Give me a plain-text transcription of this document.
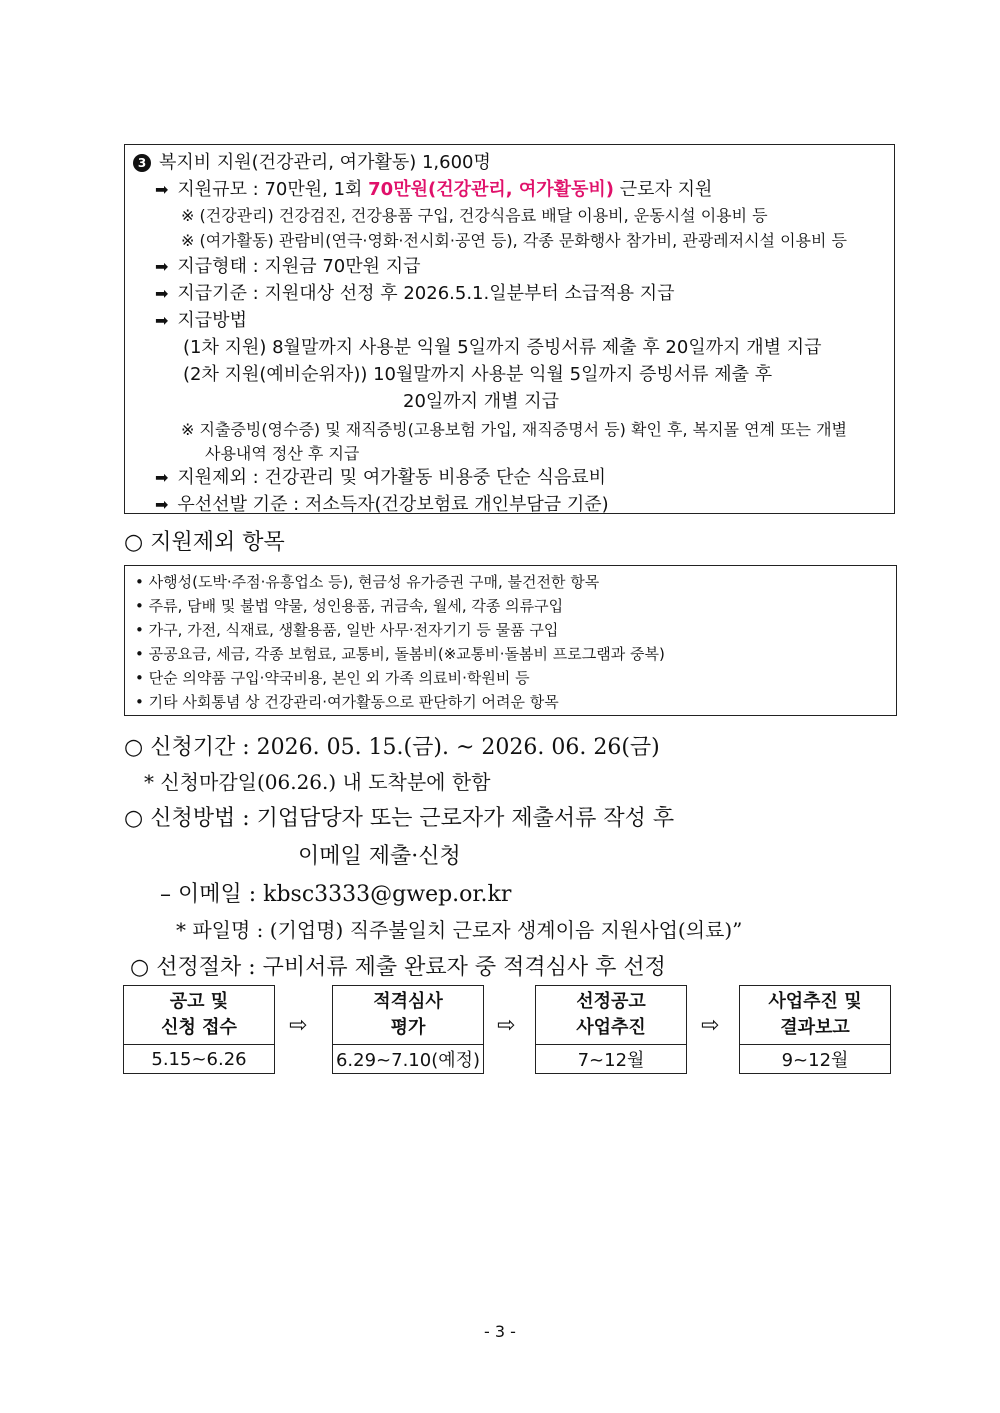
3 복지비 지원(건강관리, 여가활동) 1,600명
➡ 지원규모 : 70만원, 1회 70만원(건강관리, 여가활동비) 근로자 지원
※ (건강관리) 건강검진, 건강용품 구입, 건강식음료 배달 이용비, 운동시설 이용비 등
※ (여가활동) 관람비(연극·영화·전시회·공연 등), 각종 문화행사 참가비, 관광레저시설 이용비 등
➡ 지급형태 : 지원금 70만원 지급
➡ 지급기준 : 지원대상 선정 후 2026.5.1.일분부터 소급적용 지급
➡ 지급방법
(1차 지원) 8월말까지 사용분 익월 5일까지 증빙서류 제출 후 20일까지 개별 지급
(2차 지원(예비순위자)) 10월말까지 사용분 익월 5일까지 증빙서류 제출 후
20일까지 개별 지급
※ 지출증빙(영수증) 및 재직증빙(고용보험 가입, 재직증명서 등) 확인 후, 복지몰 연계 또는 개별
사용내역 정산 후 지급
➡ 지원제외 : 건강관리 및 여가활동 비용중 단순 식음료비
➡ 우선선발 기준 : 저소득자(건강보험료 개인부담금 기준)
○ 지원제외 항목
• 사행성(도박·주점·유흥업소 등), 현금성 유가증권 구매, 불건전한 항목
• 주류, 담배 및 불법 약물, 성인용품, 귀금속, 월세, 각종 의류구입
• 가구, 가전, 식재료, 생활용품, 일반 사무·전자기기 등 물품 구입
• 공공요금, 세금, 각종 보험료, 교통비, 돌봄비(※교통비·돌봄비 프로그램과 중복)
• 단순 의약품 구입·약국비용, 본인 외 가족 의료비·학원비 등
• 기타 사회통념 상 건강관리·여가활동으로 판단하기 어려운 항목
○ 신청기간 : 2026. 05. 15.(금). ~ 2026. 06. 26(금)
* 신청마감일(06.26.) 내 도착분에 한함
○ 신청방법 : 기업담당자 또는 근로자가 제출서류 작성 후
이메일 제출·신청
– 이메일 : kbsc3333@gwep.or.kr
* 파일명 : (기업명) 직주불일치 근로자 생계이음 지원사업(의료)”
○ 선정절차 : 구비서류 제출 완료자 중 적격심사 후 선정
공고 및
신청 접수
5.15~6.26
⇨
적격심사
평가
6.29~7.10(예정)
⇨
선정공고
사업추진
7~12월
⇨
사업추진 및
결과보고
9~12월
- 3 -
